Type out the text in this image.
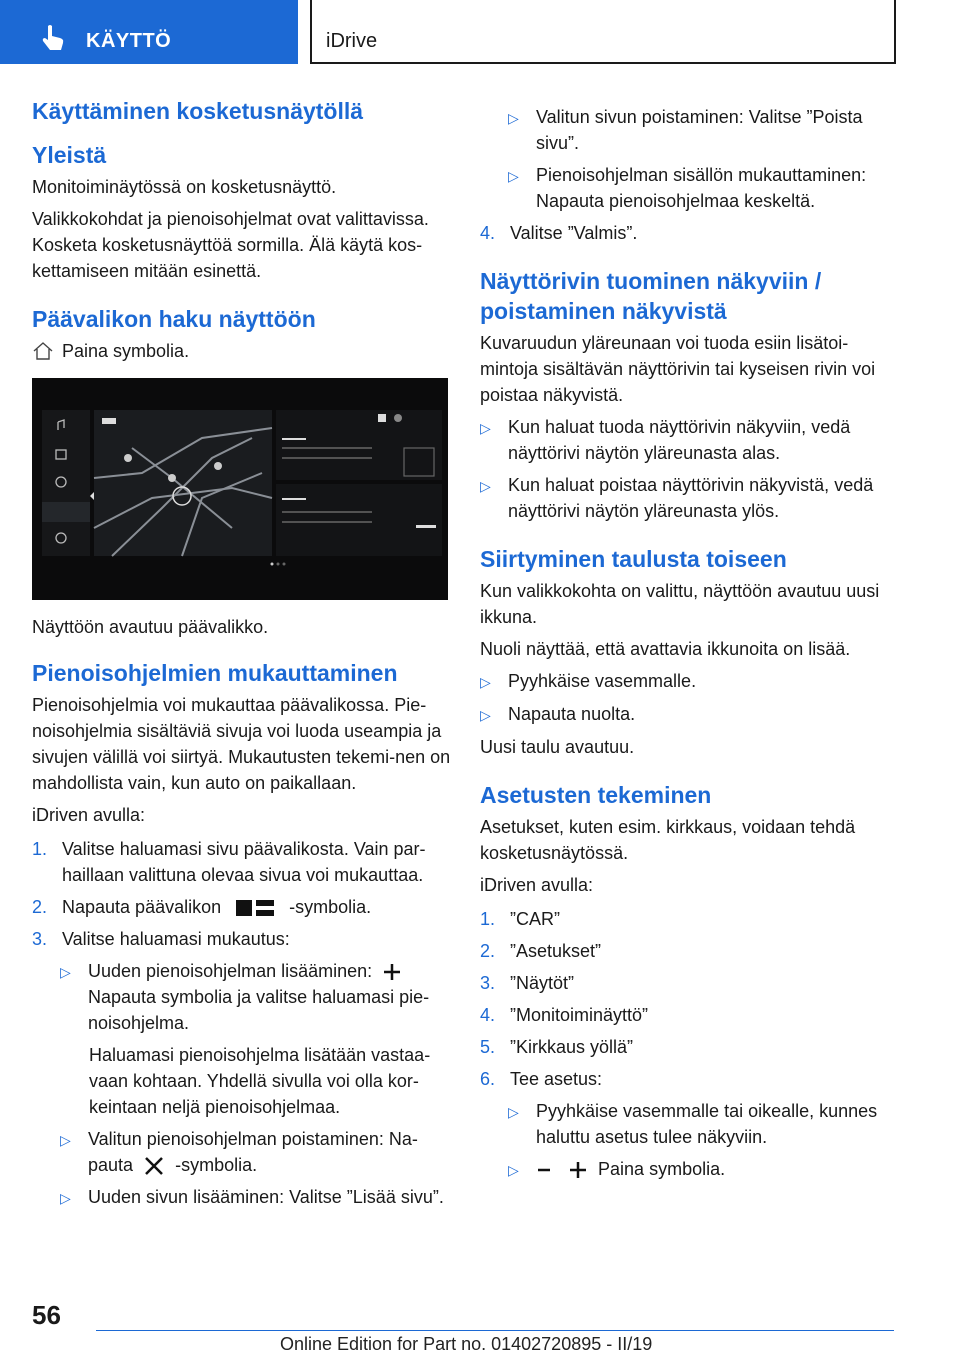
KÄYTTÖ	iDrive
Käyttäminen kosketusnäytöllä
Yleistä

Monitoiminäytössä on kosketusnäyttö.

Valikkokohdat ja pienoisohjelmat ovat valittavissa. Kosketa kosketusnäyttöä sormilla. Älä käytä kos-kettamiseen mitään esinettä.

Päävalikon haku näyttöön
Paina symbolia.

Näyttöön avautuu päävalikko.

Pienoisohjelmien mukauttaminen

Pienoisohjelmia voi mukauttaa päävalikossa. Pie-noisohjelmia sisältäviä sivuja voi luoda useampia ja sivujen välillä voi siirtyä. Mukautusten tekemi-nen on mahdollista vain, kun auto on paikallaan.

iDriven avulla:

1. Valitse haluamasi sivu päävalikosta. Vain par-haillaan valittuna olevaa sivua voi mukauttaa.
2. Napauta päävalikon	-symbolia.
3. Valitse haluamasi mukautus:
▷ Uuden pienoisohjelman lisääminen:  Napauta symbolia ja valitse haluamasi pie-noisohjelma.

Haluamasi pienoisohjelma lisätään vastaa-vaan kohtaan. Yhdellä sivulla voi olla kor-keintaan neljä pienoisohjelmaa.

▷ Valitun pienoisohjelman poistaminen: Na-pauta -symbolia.
▷ Uuden sivun lisääminen: Valitse ”Lisää sivu”.
▷ Valitun sivun poistaminen: Valitse ”Poista sivu”.
▷ Pienoisohjelman sisällön mukauttaminen: Napauta pienoisohjelmaa keskeltä.
4. Valitse ”Valmis”.
Näyttörivin tuominen näkyviin / poistaminen näkyvistä

Kuvaruudun yläreunaan voi tuoda esiin lisätoi-mintoja sisältävän näyttörivin tai kyseisen rivin voi poistaa näkyvistä.

▷ Kun haluat tuoda näyttörivin näkyviin, vedä näyttörivi näytön yläreunasta alas.
▷ Kun haluat poistaa näyttörivin näkyvistä, vedä näyttörivi näytön yläreunasta ylös.
Siirtyminen taulusta toiseen

Kun valikkokohta on valittu, näyttöön avautuu uusi ikkuna.

Nuoli näyttää, että avattavia ikkunoita on lisää.

▷ Pyyhkäise vasemmalle.
▷ Napauta nuolta.

Uusi taulu avautuu.

Asetusten tekeminen

Asetukset, kuten esim. kirkkaus, voidaan tehdä kosketusnäytössä.

iDriven avulla:

1. ”CAR”
2. ”Asetukset”
3. ”Näytöt”
4. ”Monitoiminäyttö”
5. ”Kirkkaus yöllä”
6. Tee asetus:
▷ Pyyhkäise vasemmalle tai oikealle, kunnes haluttu asetus tulee näkyviin.
▷	Paina symbolia.
56
Online Edition for Part no. 01402720895 - II/19
